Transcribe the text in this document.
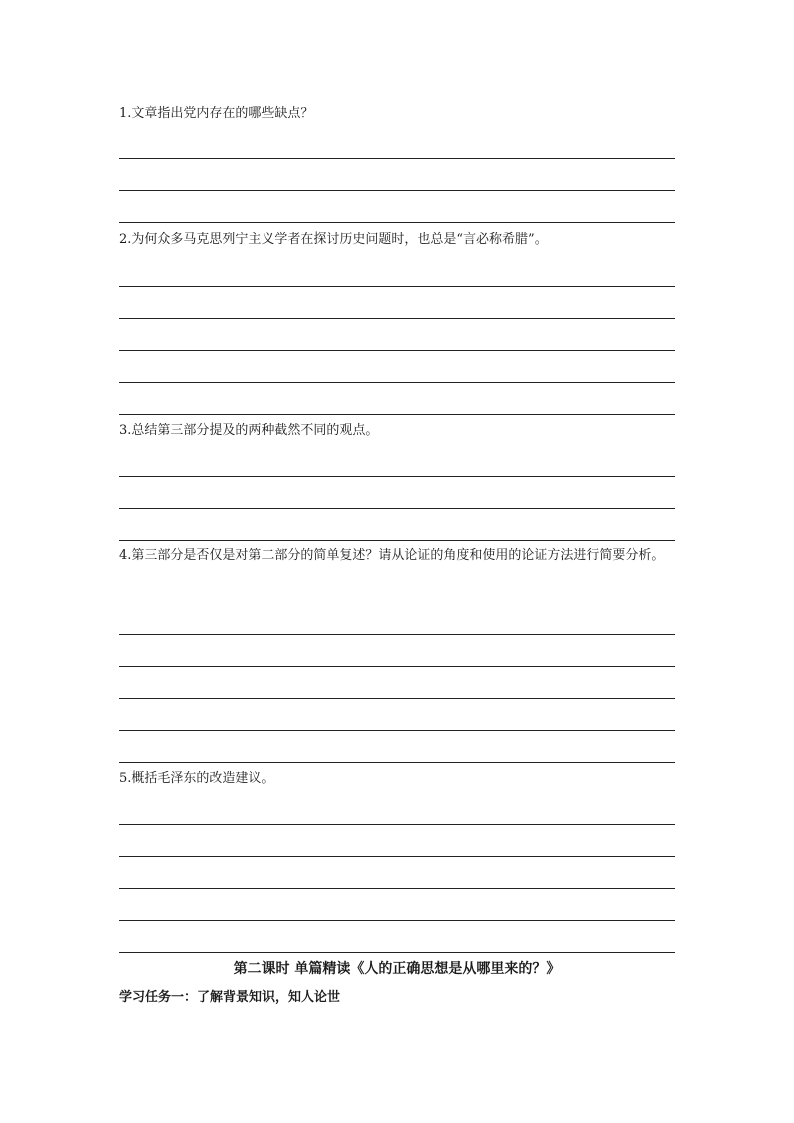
1.文章指出党内存在的哪些缺点？

2.为何众多马克思列宁主义学者在探讨历史问题时，也总是“言必称希腊”。

3.总结第三部分提及的两种截然不同的观点。

4.第三部分是否仅是对第二部分的简单复述？请从论证的角度和使用的论证方法进行简要分析。

5.概括毛泽东的改造建议。

第二课时 单篇精读《人的正确思想是从哪里来的？》

学习任务一：了解背景知识，知人论世
